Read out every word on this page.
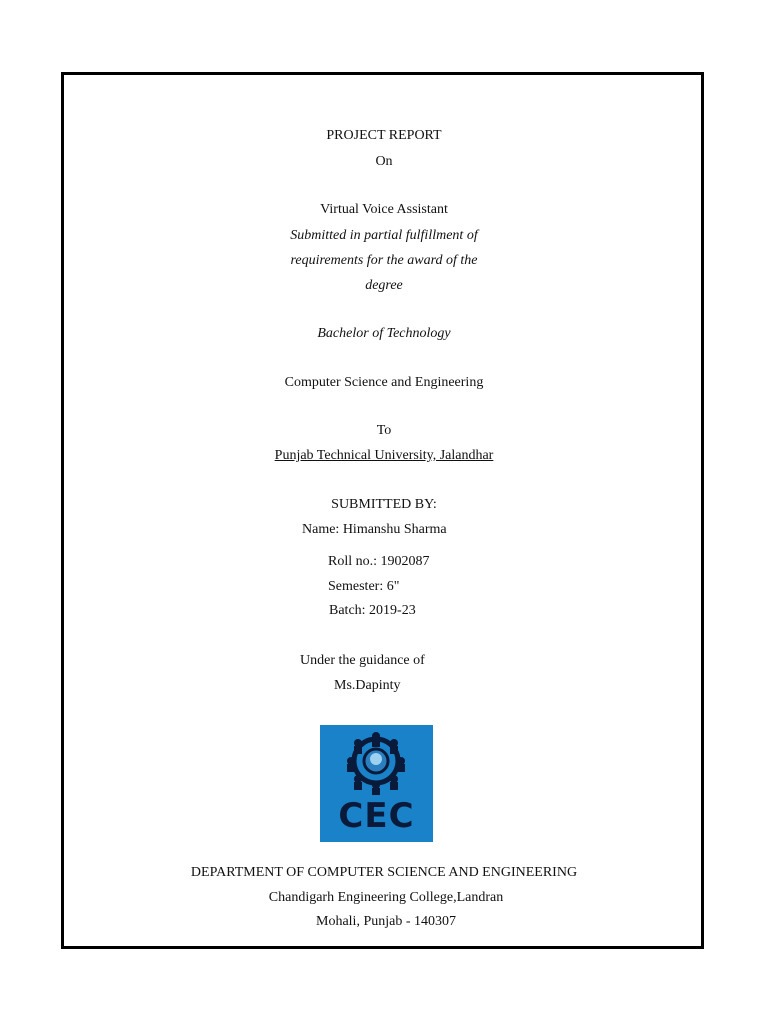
PROJECT REPORT
On
Virtual Voice Assistant
Submitted in partial fulfillment of
requirements for the award of the
degree
Bachelor of Technology
Computer Science and Engineering
To
Punjab Technical University, Jalandhar
SUBMITTED BY:
Name: Himanshu Sharma
Roll no.: 1902087
Semester: 6"
Batch: 2019-23
Under the guidance of
Ms.Dapinty
CEC
DEPARTMENT OF COMPUTER SCIENCE AND ENGINEERING
Chandigarh Engineering College,Landran
Mohali, Punjab - 140307
